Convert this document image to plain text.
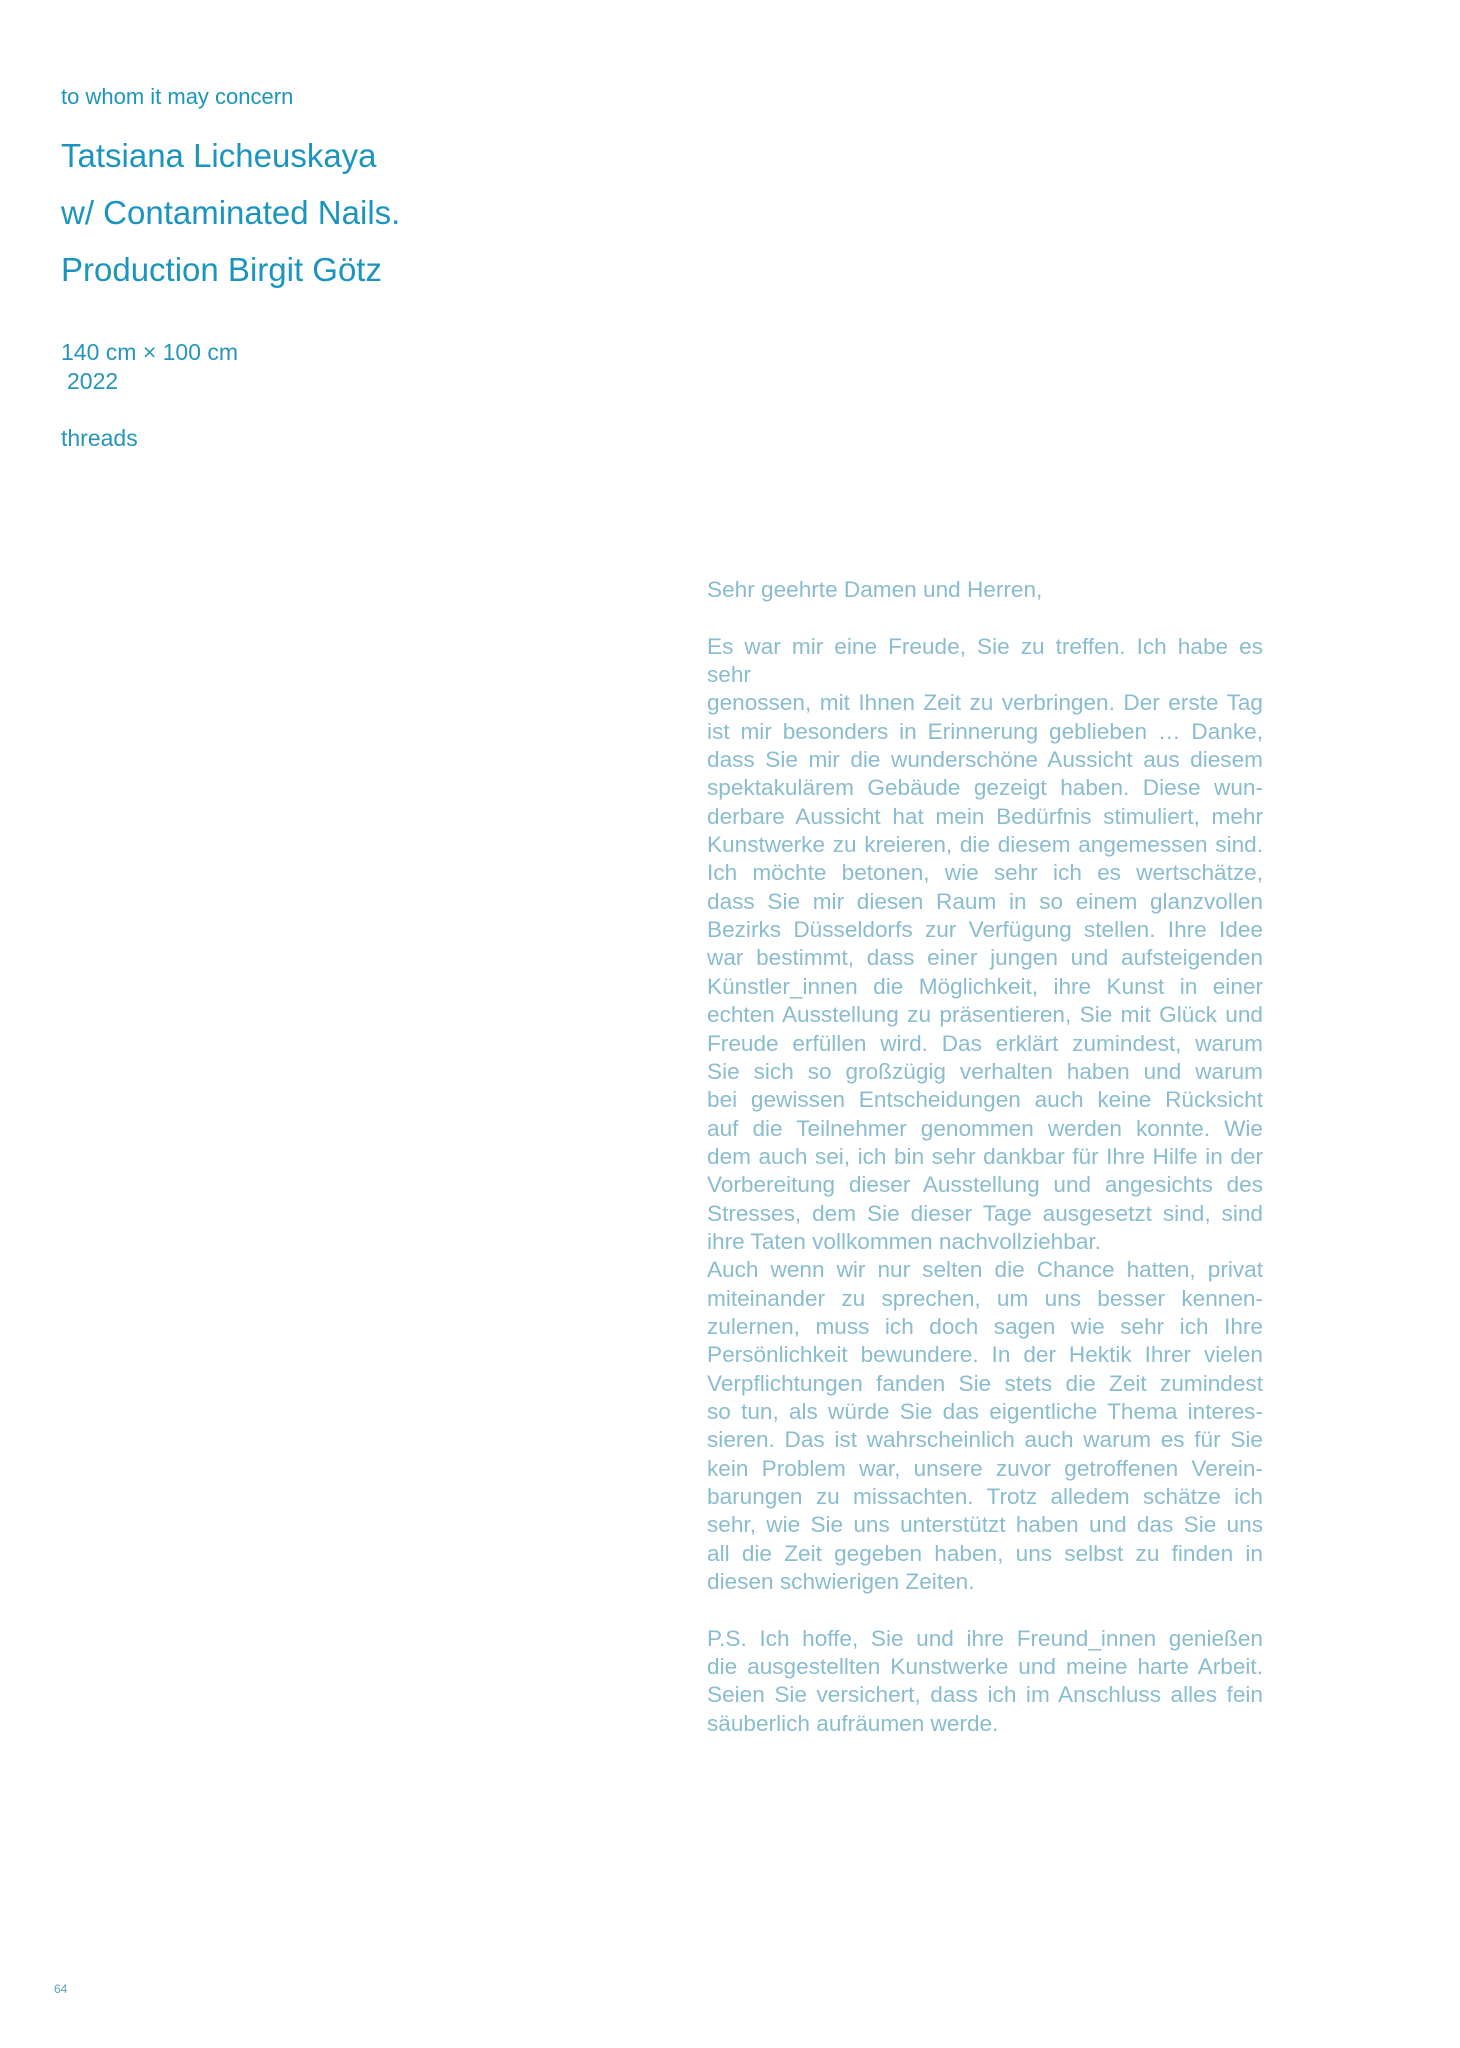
to whom it may concern

Tatsiana Licheuskaya

w/ Contaminated Nails.

Production Birgit Götz

140 cm × 100 cm
2022
threads

Sehr geehrte Damen und Herren,

Es war mir eine Freude, Sie zu treffen. Ich habe es sehr
genossen, mit Ihnen Zeit zu verbringen. Der erste Tag
ist mir besonders in Erinnerung geblieben … Danke,
dass Sie mir die wunderschöne Aussicht aus diesem
spektakulärem Gebäude gezeigt haben. Diese wun-
derbare Aussicht hat mein Bedürfnis stimuliert, mehr
Kunstwerke zu kreieren, die diesem angemessen sind.
Ich möchte betonen, wie sehr ich es wertschätze,
dass Sie mir diesen Raum in so einem glanzvollen
Bezirks Düsseldorfs zur Verfügung stellen. Ihre Idee
war bestimmt, dass einer jungen und aufsteigenden
Künstler_innen die Möglichkeit, ihre Kunst in einer
echten Ausstellung zu präsentieren, Sie mit Glück und
Freude erfüllen wird. Das erklärt zumindest, warum
Sie sich so großzügig verhalten haben und warum
bei gewissen Entscheidungen auch keine Rücksicht
auf die Teilnehmer genommen werden konnte. Wie
dem auch sei, ich bin sehr dankbar für Ihre Hilfe in der
Vorbereitung dieser Ausstellung und angesichts des
Stresses, dem Sie dieser Tage ausgesetzt sind, sind
ihre Taten vollkommen nachvollziehbar.
Auch wenn wir nur selten die Chance hatten, privat
miteinander zu sprechen, um uns besser kennen-
zulernen, muss ich doch sagen wie sehr ich Ihre
Persönlichkeit bewundere. In der Hektik Ihrer vielen
Verpflichtungen fanden Sie stets die Zeit zumindest
so tun, als würde Sie das eigentliche Thema interes-
sieren. Das ist wahrscheinlich auch warum es für Sie
kein Problem war, unsere zuvor getroffenen Verein-
barungen zu missachten. Trotz alledem schätze ich
sehr, wie Sie uns unterstützt haben und das Sie uns
all die Zeit gegeben haben, uns selbst zu finden in
diesen schwierigen Zeiten.

P.S. Ich hoffe, Sie und ihre Freund_innen genießen
die ausgestellten Kunstwerke und meine harte Arbeit.
Seien Sie versichert, dass ich im Anschluss alles fein
säuberlich aufräumen werde.

64
